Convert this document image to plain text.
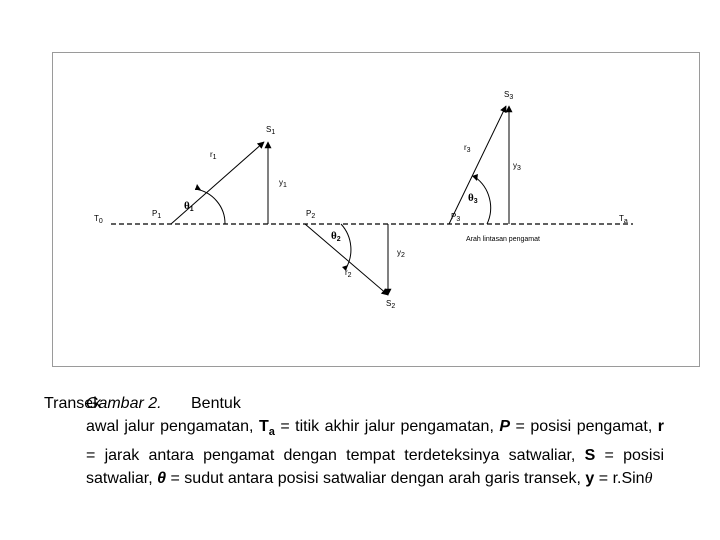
T0	Ta
P1	P2	P3
S1
S2
S3
r1
r2
r3
y1
y2
y3
θ1
θ2
θ3
Arah lintasan pengamat
Transek
Gambar 2. Bentuk
awal jalur pengamatan, $T_a$ = titik akhir jalur pengamatan, P = posisi pengamat, r = jarak antara pengamat dengan tempat terdeteksinya satwaliar, S = posisi satwaliar, θ = sudut antara posisi satwaliar dengan arah garis transek, y = r.Sinθ
